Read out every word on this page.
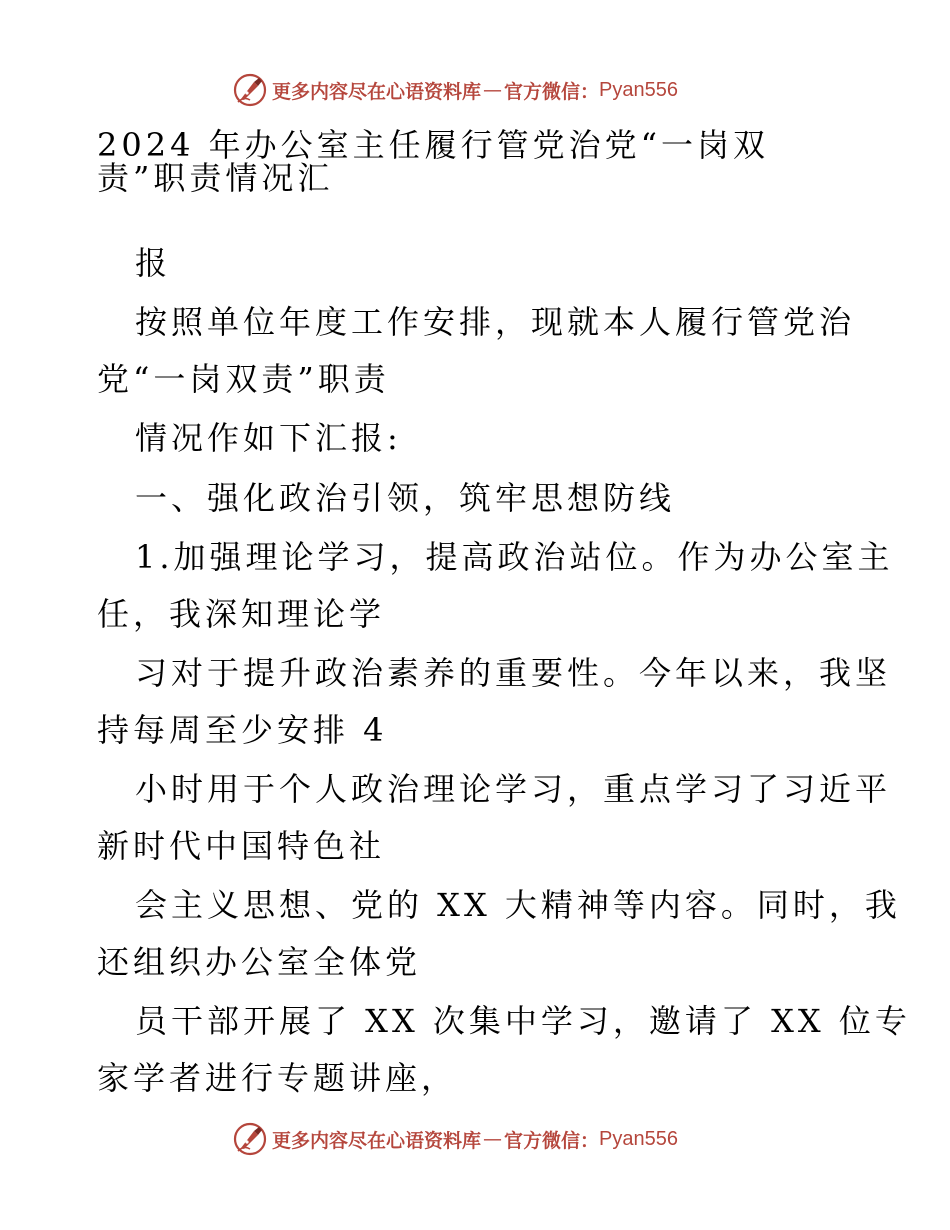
更多内容尽在心语资料库 — 官方微信： Pyan556
2024 年办公室主任履行管党治党“一岗双
责”职责情况汇
报
按照单位年度工作安排，现就本人履行管党治
党“一岗双责”职责
情况作如下汇报:
一、强化政治引领，筑牢思想防线
1.加强理论学习，提高政治站位。作为办公室主
任，我深知理论学
习对于提升政治素养的重要性。今年以来，我坚
持每周至少安排 4
小时用于个人政治理论学习，重点学习了习近平
新时代中国特色社
会主义思想、党的 XX 大精神等内容。同时，我
还组织办公室全体党
员干部开展了 XX 次集中学习，邀请了 XX 位专
家学者进行专题讲座，
更多内容尽在心语资料库 — 官方微信： Pyan556
